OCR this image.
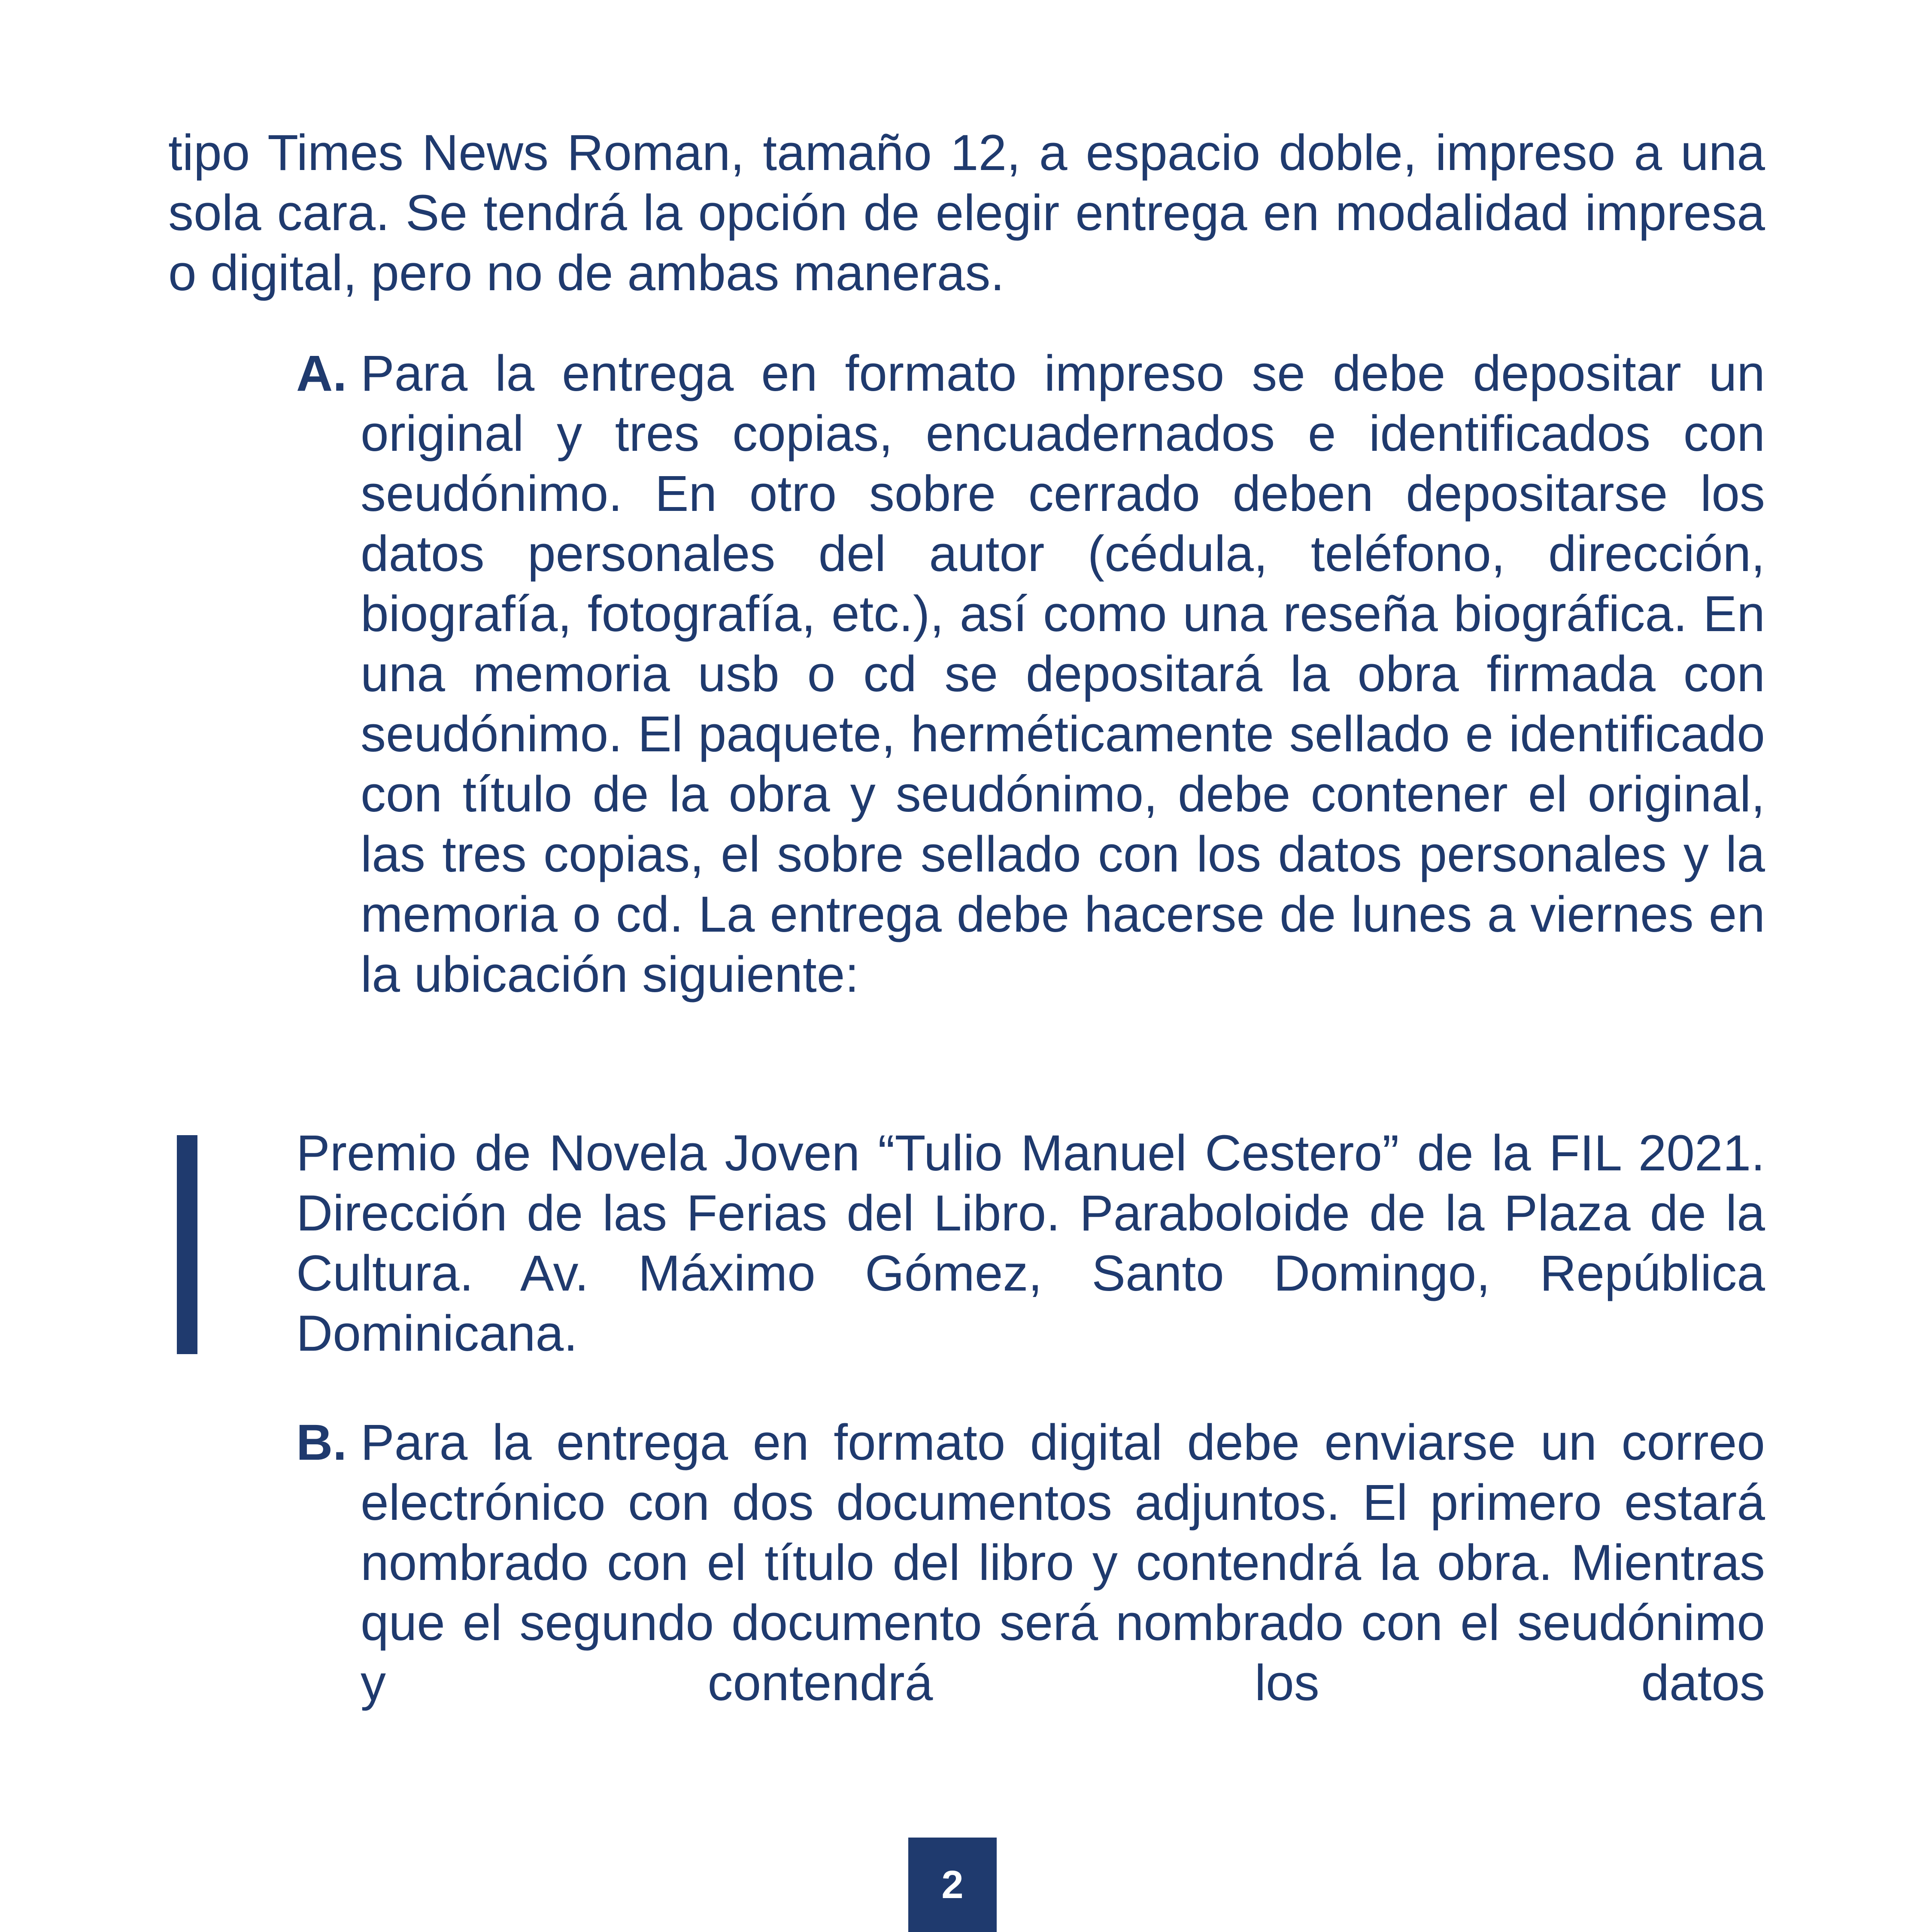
tipo Times News Roman, tamaño 12, a espacio doble, impreso a una sola cara. Se tendrá la opción de elegir entrega en modalidad impresa o digital, pero no de ambas maneras.

A. Para la entrega en formato impreso se debe depositar un original y tres copias, encuadernados e identificados con seudónimo. En otro sobre cerrado deben depositarse los datos personales del autor (cédula, teléfono, dirección, biografía, fotografía, etc.), así como una reseña biográfica. En una memoria usb o cd se depositará la obra firmada con seudónimo. El paquete, herméticamente sellado e identificado con título de la obra y seudónimo, debe contener el original, las tres copias, el sobre sellado con los datos personales y la memoria o cd. La entrega debe hacerse de lunes a viernes en la ubicación siguiente:

Premio de Novela Joven “Tulio Manuel Cestero” de la FIL 2021. Dirección de las Ferias del Libro. Paraboloide de la Plaza de la Cultura. Av. Máximo Gómez, Santo Domingo, República Dominicana.

B. Para la entrega en formato digital debe enviarse un correo electrónico con dos documentos adjuntos. El primero estará nombrado con el título del libro y contendrá la obra. Mientras que el segundo documento será nombrado con el seudónimo y contendrá los datos

2
